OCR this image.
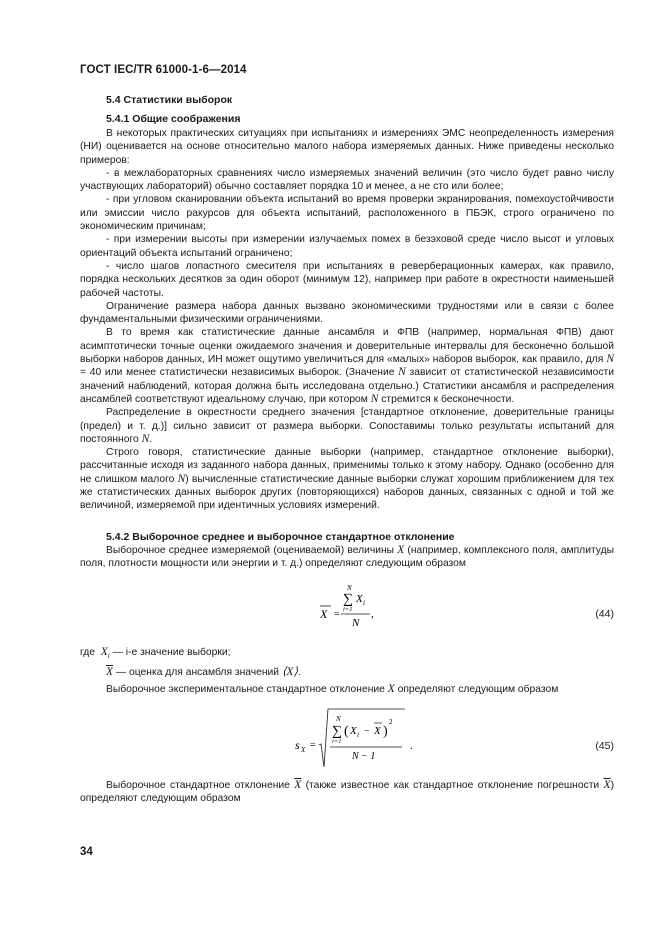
ГОСТ IEC/TR 61000-1-6—2014
5.4 Статистики выборок
5.4.1 Общие соображения

В некоторых практических ситуациях при испытаниях и измерениях ЭМС неопределенность измерения (НИ) оценивается на основе относительно малого набора измеряемых данных. Ниже приведены несколько примеров:

- в межлабораторных сравнениях число измеряемых значений величин (это число будет равно числу участвующих лабораторий) обычно составляет порядка 10 и менее, а не сто или более;

- при угловом сканировании объекта испытаний во время проверки экранирования, помехоустойчивости или эмиссии число ракурсов для объекта испытаний, расположенного в ПБЭК, строго ограничено по экономическим причинам;

- при измерении высоты при измерении излучаемых помех в безэховой среде число высот и угловых ориентаций объекта испытаний ограничено;

- число шагов лопастного смесителя при испытаниях в реверберационных камерах, как правило, порядка нескольких десятков за один оборот (минимум 12), например при работе в окрестности наименьшей рабочей частоты.

Ограничение размера набора данных вызвано экономическими трудностями или в связи с более фундаментальными физическими ограничениями.

В то время как статистические данные ансамбля и ФПВ (например, нормальная ФПВ) дают асимптотически точные оценки ожидаемого значения и доверительные интервалы для бесконечно большой выборки наборов данных, ИН может ощутимо увеличиться для «малых» наборов выборок, как правило, для N = 40 или менее статистически независимых выборок. (Значение N зависит от статистической независимости значений наблюдений, которая должна быть исследована отдельно.) Статистики ансамбля и распределения ансамблей соответствуют идеальному случаю, при котором N стремится к бесконечности.

Распределение в окрестности среднего значения [стандартное отклонение, доверительные границы (предел) и т. д.)] сильно зависит от размера выборки. Сопоставимы только результаты испытаний для постоянного N.

Строго говоря, статистические данные выборки (например, стандартное отклонение выборки), рассчитанные исходя из заданного набора данных, применимы только к этому набору. Однако (особенно для не слишком малого N) вычисленные статистические данные выборки служат хорошим приближением для тех же статистических данных выборок других (повторяющихся) наборов данных, связанных с одной и той же величиной, измеряемой при идентичных условиях измерений.

5.4.2 Выборочное среднее и выборочное стандартное отклонение

Выборочное среднее измеряемой (оцениваемой) величины X (например, комплексного поля, амплитуды поля, плотности мощности или энергии и т. д.) определяют следующим образом

X =
N
∑
i=1
X i
N
,	(44)
где $X_i$ — i-е значение выборки;
$\overline{X}$ — оценка для ансамбля значений ⟨X⟩.

Выборочное экспериментальное стандартное отклонение X определяют следующим образом

s X =
N
∑
i=1
( X i − X )
2
N − 1
.	(45)

Выборочное стандартное отклонение $\overline{X}$ (также известное как стандартное отклонение погрешности $\overline{X}$) определяют следующим образом

34
